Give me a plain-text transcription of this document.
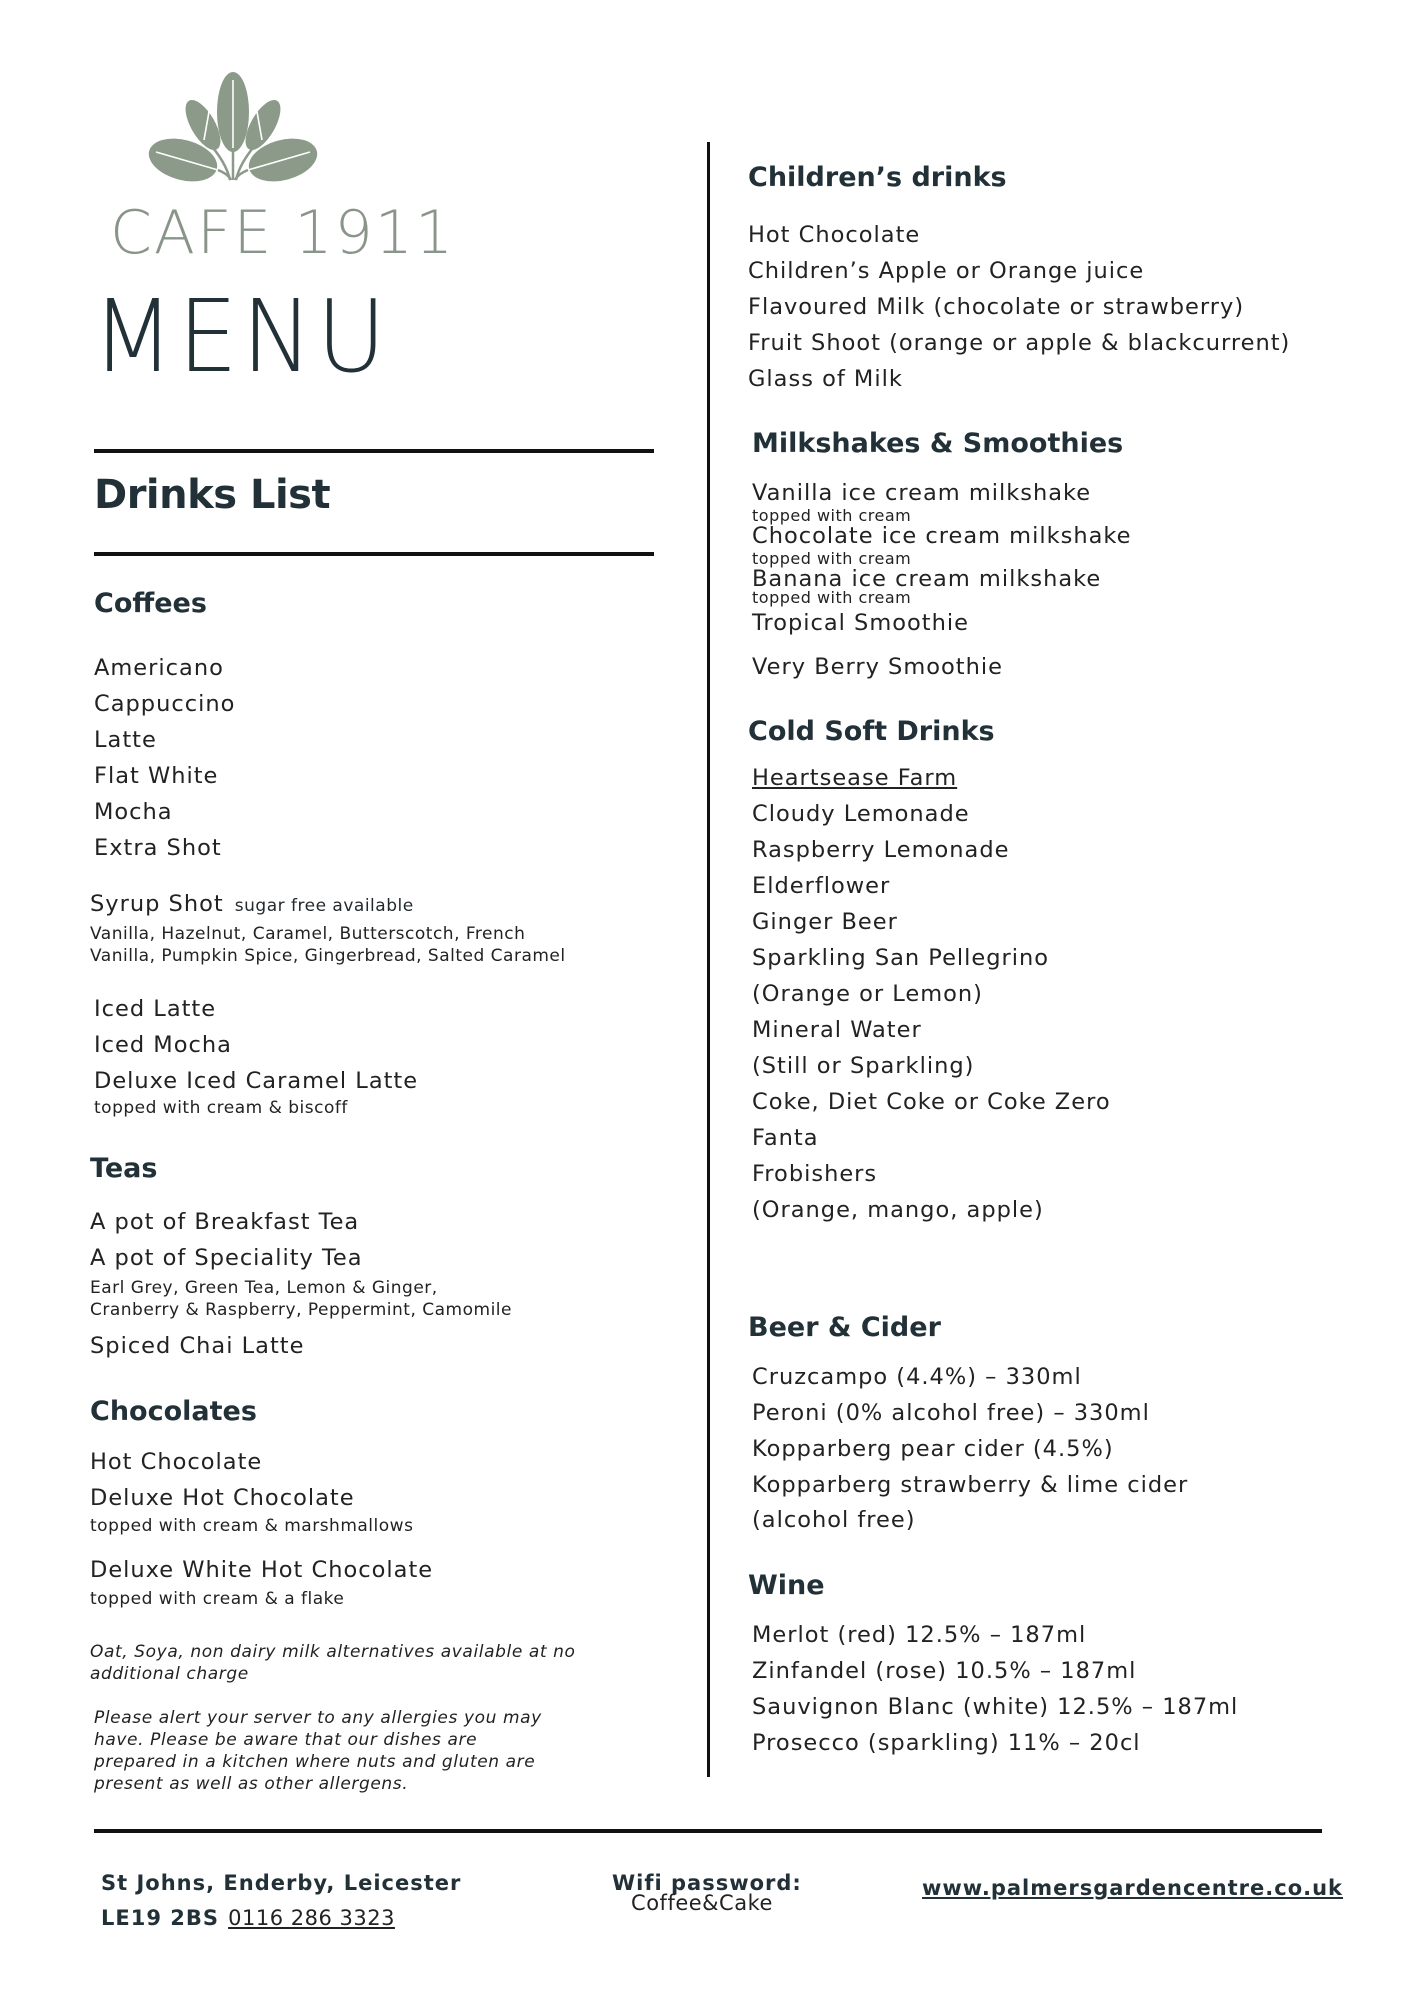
CAFE 1911
MENU
Drinks List
Coffees
Americano
Cappuccino
Latte
Flat White
Mocha
Extra Shot
Syrup Shot sugar free available
Vanilla, Hazelnut, Caramel, Butterscotch, French
Vanilla, Pumpkin Spice, Gingerbread, Salted Caramel
Iced Latte
Iced Mocha
Deluxe Iced Caramel Latte
topped with cream & biscoff
Teas
A pot of Breakfast Tea
A pot of Speciality Tea
Earl Grey, Green Tea, Lemon & Ginger,
Cranberry & Raspberry, Peppermint, Camomile
Spiced Chai Latte
Chocolates
Hot Chocolate
Deluxe Hot Chocolate
topped with cream & marshmallows
Deluxe White Hot Chocolate
topped with cream & a flake
Oat, Soya, non dairy milk alternatives available at no
additional charge
Please alert your server to any allergies you may
have. Please be aware that our dishes are
prepared in a kitchen where nuts and gluten are
present as well as other allergens.
Children’s drinks
Hot Chocolate
Children’s Apple or Orange juice
Flavoured Milk (chocolate or strawberry)
Fruit Shoot (orange or apple & blackcurrent)
Glass of Milk
Milkshakes & Smoothies
Vanilla ice cream milkshake
topped with cream
Chocolate ice cream milkshake
topped with cream
Banana ice cream milkshake
topped with cream
Tropical Smoothie
Very Berry Smoothie
Cold Soft Drinks
Heartsease Farm
Cloudy Lemonade
Raspberry Lemonade
Elderflower
Ginger Beer
Sparkling San Pellegrino
(Orange or Lemon)
Mineral Water
(Still or Sparkling)
Coke, Diet Coke or Coke Zero
Fanta
Frobishers
(Orange, mango, apple)
Beer & Cider
Cruzcampo (4.4%) – 330ml
Peroni (0% alcohol free) – 330ml
Kopparberg pear cider (4.5%)
Kopparberg strawberry & lime cider
(alcohol free)
Wine
Merlot (red) 12.5% – 187ml
Zinfandel (rose) 10.5% – 187ml
Sauvignon Blanc (white) 12.5% – 187ml
Prosecco (sparkling) 11% – 20cl
St Johns, Enderby, Leicester
LE19 2BS 0116 286 3323
Wifi password:
Coffee&Cake
www.palmersgardencentre.co.uk
